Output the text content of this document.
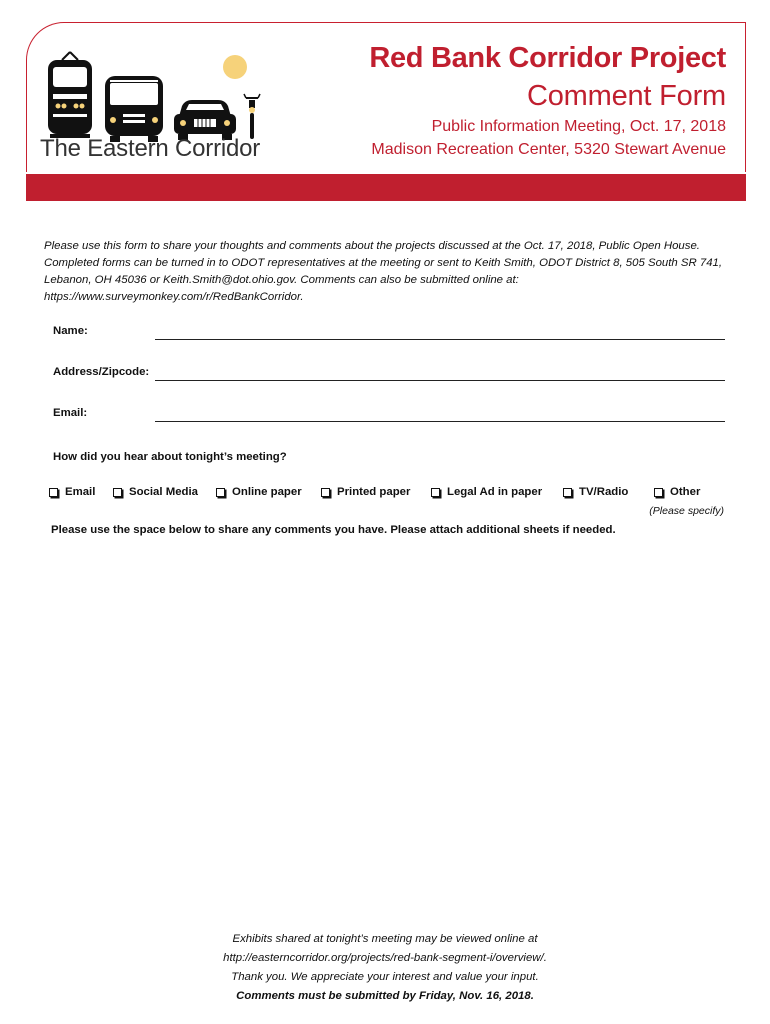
The Eastern Corridor
Red Bank Corridor Project
Comment Form
Public Information Meeting, Oct. 17, 2018
Madison Recreation Center, 5320 Stewart Avenue
Please use this form to share your thoughts and comments about the projects discussed at the Oct. 17, 2018, Public Open House. Completed forms can be turned in to ODOT representatives at the meeting or sent to Keith Smith, ODOT District 8, 505 South SR 741, Lebanon, OH 45036 or Keith.Smith@dot.ohio.gov. Comments can also be submitted online at: https://www.surveymonkey.com/r/RedBankCorridor.
Name:
Address/Zipcode:
Email:
How did you hear about tonight’s meeting?
Email	Social Media	Online paper	Printed paper	Legal Ad in paper	TV/Radio	Other
(Please specify)
Please use the space below to share any comments you have. Please attach additional sheets if needed.
Exhibits shared at tonight’s meeting may be viewed online at
http://easterncorridor.org/projects/red-bank-segment-i/overview/.
Thank you. We appreciate your interest and value your input.
Comments must be submitted by Friday, Nov. 16, 2018.
